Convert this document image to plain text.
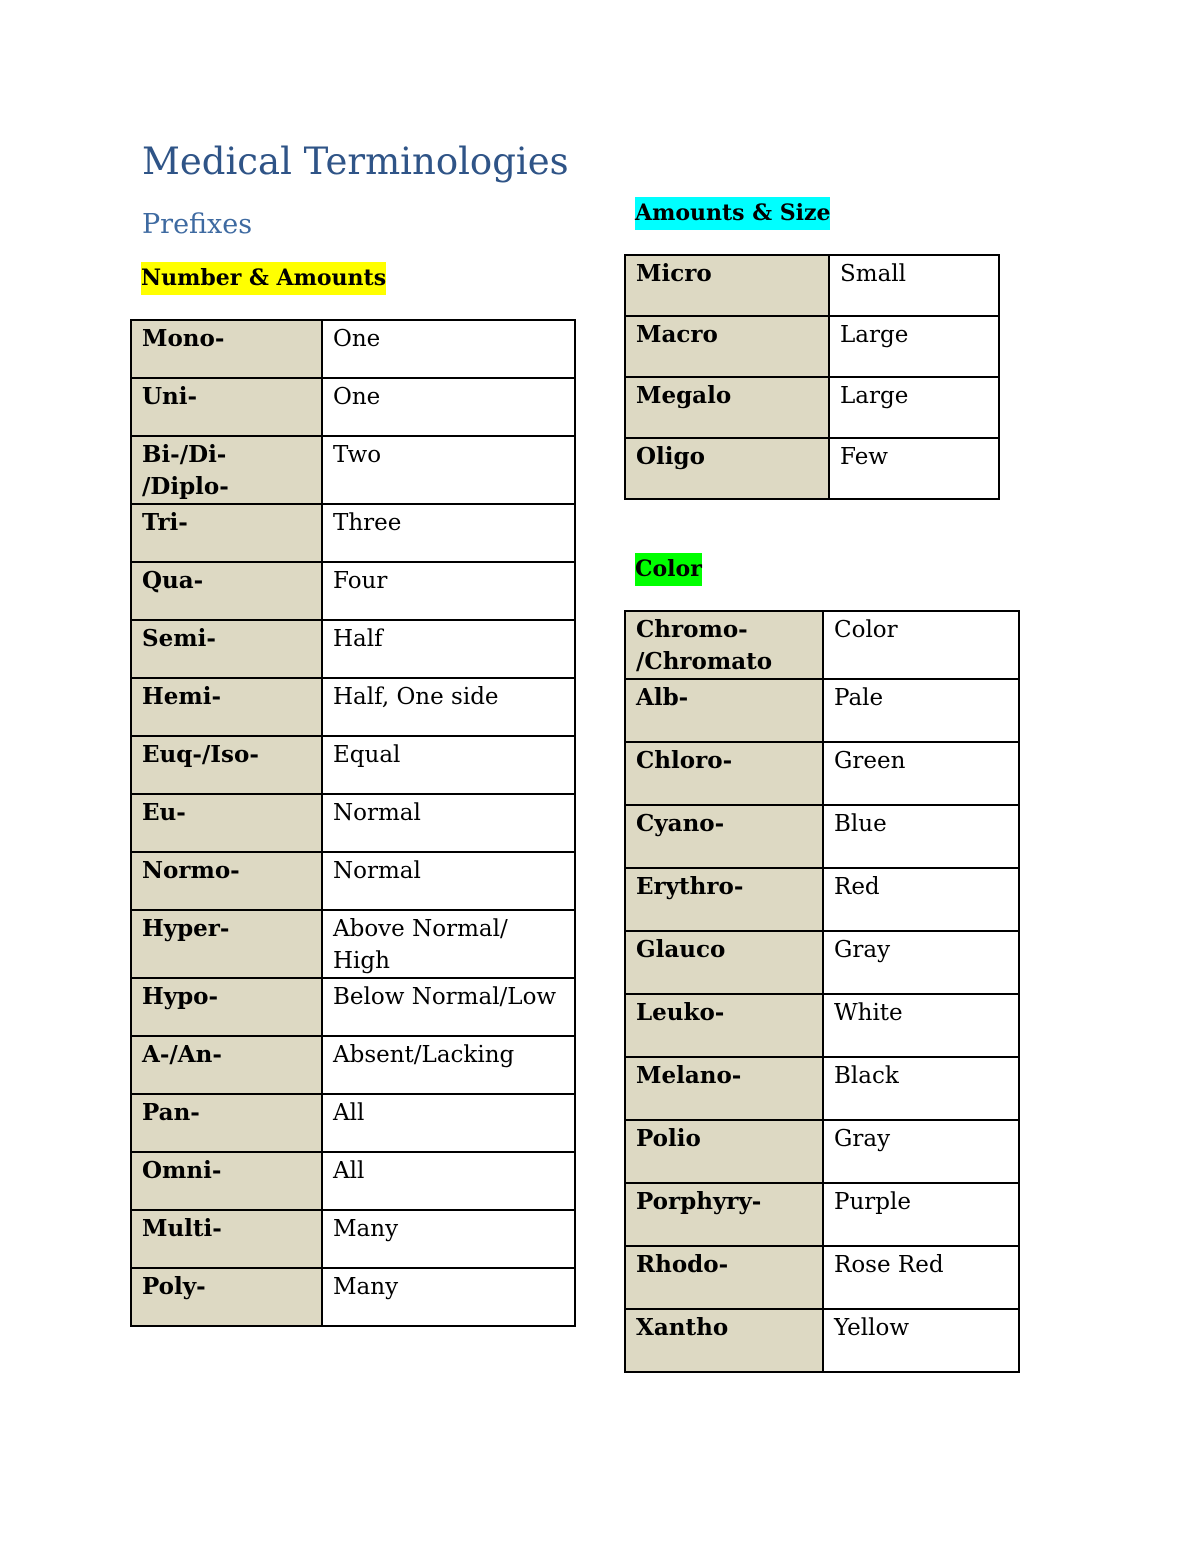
Medical Terminologies
Prefixes
Number & Amounts
Mono-	One
Uni-	One
Bi-/Di- /Diplo-	Two
Tri-	Three
Qua-	Four
Semi-	Half
Hemi-	Half, One side
Euq-/Iso-	Equal
Eu-	Normal
Normo-	Normal
Hyper-	Above Normal/ High
Hypo-	Below Normal/Low
A-/An-	Absent/Lacking
Pan-	All
Omni-	All
Multi-	Many
Poly-	Many
Amounts & Size
Micro	Small
Macro	Large
Megalo	Large
Oligo	Few
Color
Chromo- /Chromato	Color
Alb-	Pale
Chloro-	Green
Cyano-	Blue
Erythro-	Red
Glauco	Gray
Leuko-	White
Melano-	Black
Polio	Gray
Porphyry-	Purple
Rhodo-	Rose Red
Xantho	Yellow
